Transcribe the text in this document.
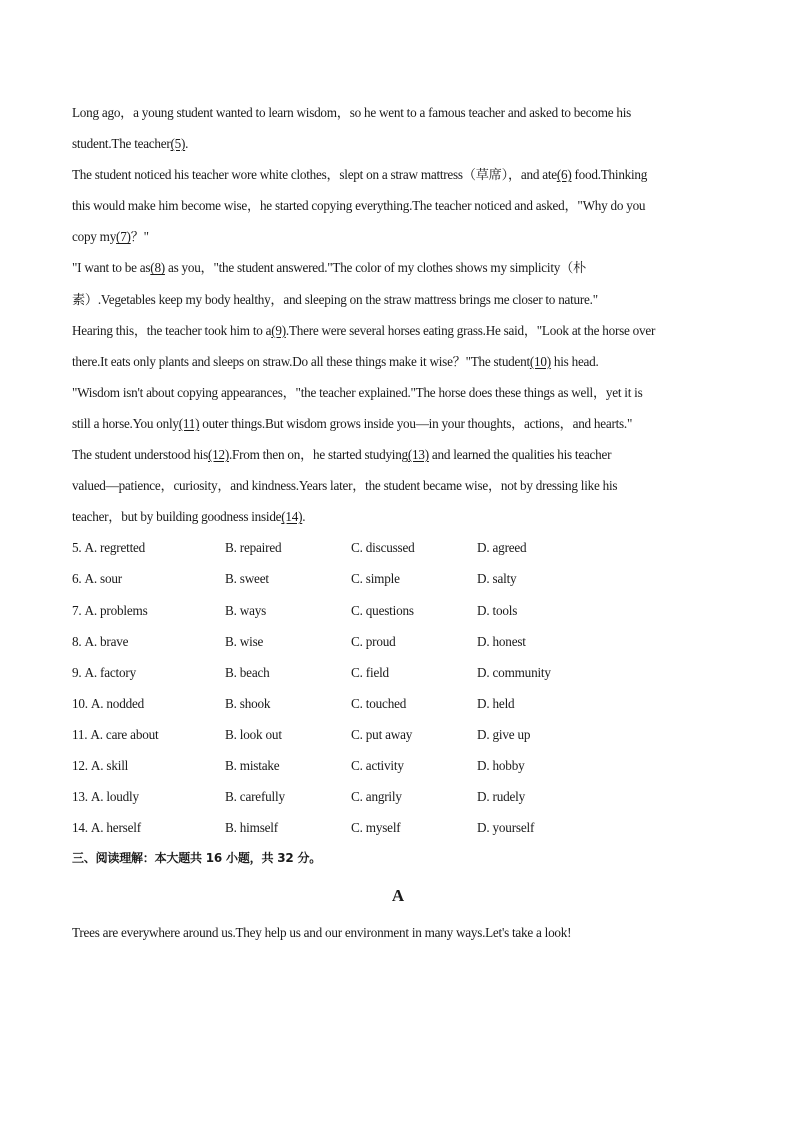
Long ago，a young student wanted to learn wisdom，so he went to a famous teacher and asked to become his

student.The teacher(5).

The student noticed his teacher wore white clothes，slept on a straw mattress（草席），and ate(6) food.Thinking

this would make him become wise，he started copying everything.The teacher noticed and asked，"Why do you

copy my(7)？"

"I want to be as(8) as you，"the student answered."The color of my clothes shows my simplicity（朴

素）.Vegetables keep my body healthy，and sleeping on the straw mattress brings me closer to nature."

Hearing this，the teacher took him to a(9).There were several horses eating grass.He said，"Look at the horse over

there.It eats only plants and sleeps on straw.Do all these things make it wise？"The student(10) his head.

"Wisdom isn't about copying appearances，"the teacher explained."The horse does these things as well，yet it is

still a horse.You only(11) outer things.But wisdom grows inside you—in your thoughts，actions，and hearts."

The student understood his(12).From then on，he started studying(13) and learned the qualities his teacher

valued—patience，curiosity，and kindness.Years later，the student became wise，not by dressing like his

teacher，but by building goodness inside(14).

5. A. regretted	B. repaired	C. discussed	D. agreed
6. A. sour	B. sweet	C. simple	D. salty
7. A. problems	B. ways	C. questions	D. tools
8. A. brave	B. wise	C. proud	D. honest
9. A. factory	B. beach	C. field	D. community
10. A. nodded	B. shook	C. touched	D. held
11. A. care about	B. look out	C. put away	D. give up
12. A. skill	B. mistake	C. activity	D. hobby
13. A. loudly	B. carefully	C. angrily	D. rudely
14. A. herself	B. himself	C. myself	D. yourself

三、阅读理解：本大题共 16 小题，共 32 分。

A

Trees are everywhere around us.They help us and our environment in many ways.Let's take a look!
